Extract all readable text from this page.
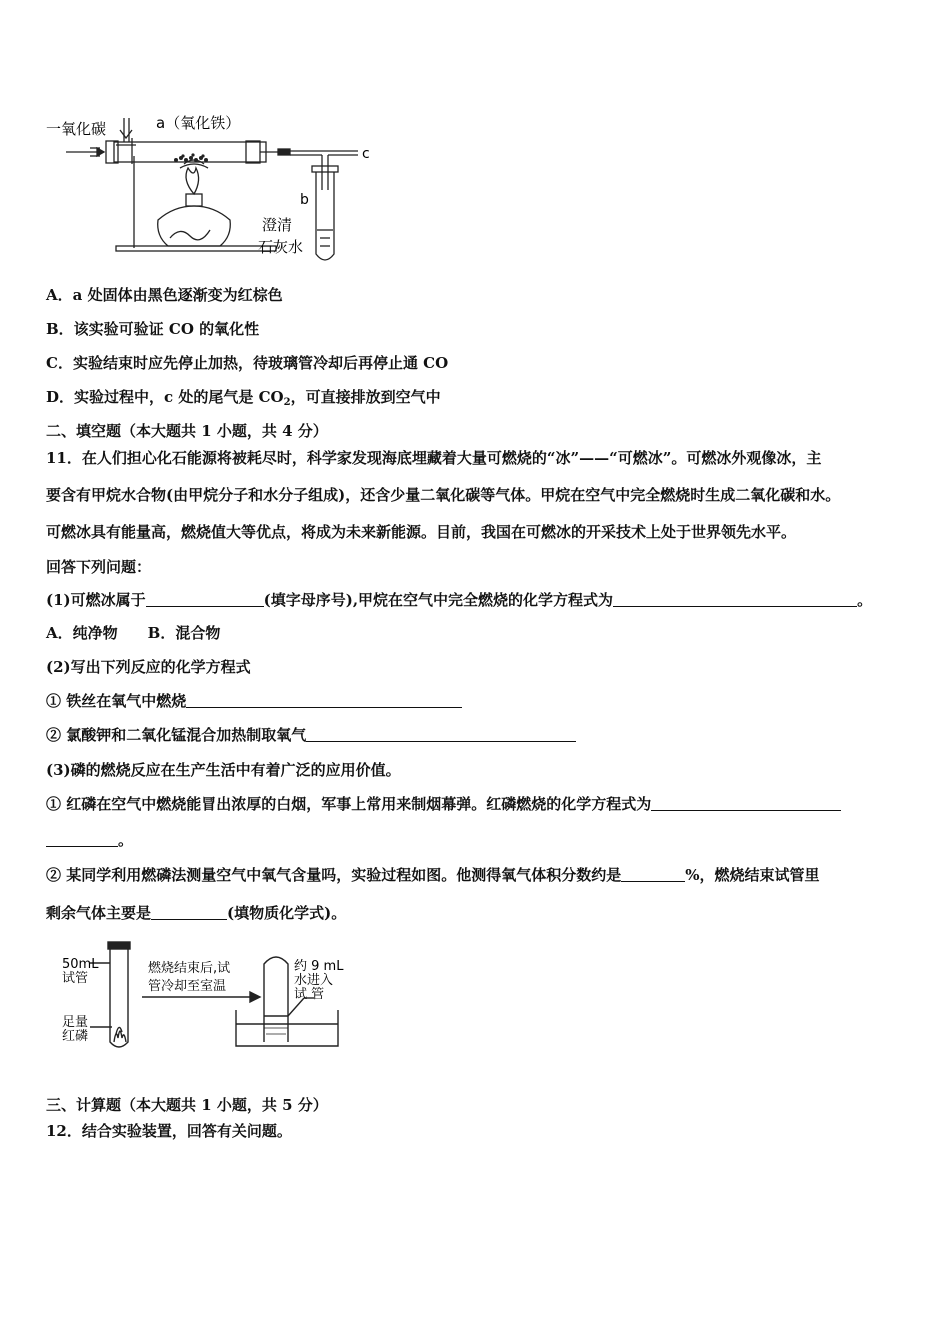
一氧化碳	a（氧化铁）
c
b
澄清
石灰水
A．a 处固体由黑色逐渐变为红棕色
B．该实验可验证 CO 的氧化性
C．实验结束时应先停止加热，待玻璃管冷却后再停止通 CO
D．实验过程中，c 处的尾气是 $CO_2$，可直接排放到空气中
二、填空题（本大题共 1 小题，共 4 分）
11．在人们担心化石能源将被耗尽时，科学家发现海底埋藏着大量可燃烧的“冰”——“可燃冰”。可燃冰外观像冰，主
要含有甲烷水合物(由甲烷分子和水分子组成)，还含少量二氧化碳等气体。甲烷在空气中完全燃烧时生成二氧化碳和水。
可燃冰具有能量高，燃烧值大等优点，将成为未来新能源。目前，我国在可燃冰的开采技术上处于世界领先水平。
回答下列问题：
(1)可燃冰属于	(填字母序号),甲烷在空气中完全燃烧的化学方程式为	。
A．纯净物 B．混合物
(2)写出下列反应的化学方程式
① 铁丝在氧气中燃烧
② 氯酸钾和二氧化锰混合加热制取氧气
(3)磷的燃烧反应在生产生活中有着广泛的应用价值。
① 红磷在空气中燃烧能冒出浓厚的白烟，军事上常用来制烟幕弹。红磷燃烧的化学方程式为
。
② 某同学利用燃磷法测量空气中氧气含量吗，实验过程如图。他测得氧气体积分数约是	%，燃烧结束试管里
剩余气体主要是	(填物质化学式)。
50mL
试管
足量
红磷
燃烧结束后,试
管冷却至室温
约 9 mL
水进入
试 管
三、计算题（本大题共 1 小题，共 5 分）
12．结合实验装置，回答有关问题。
